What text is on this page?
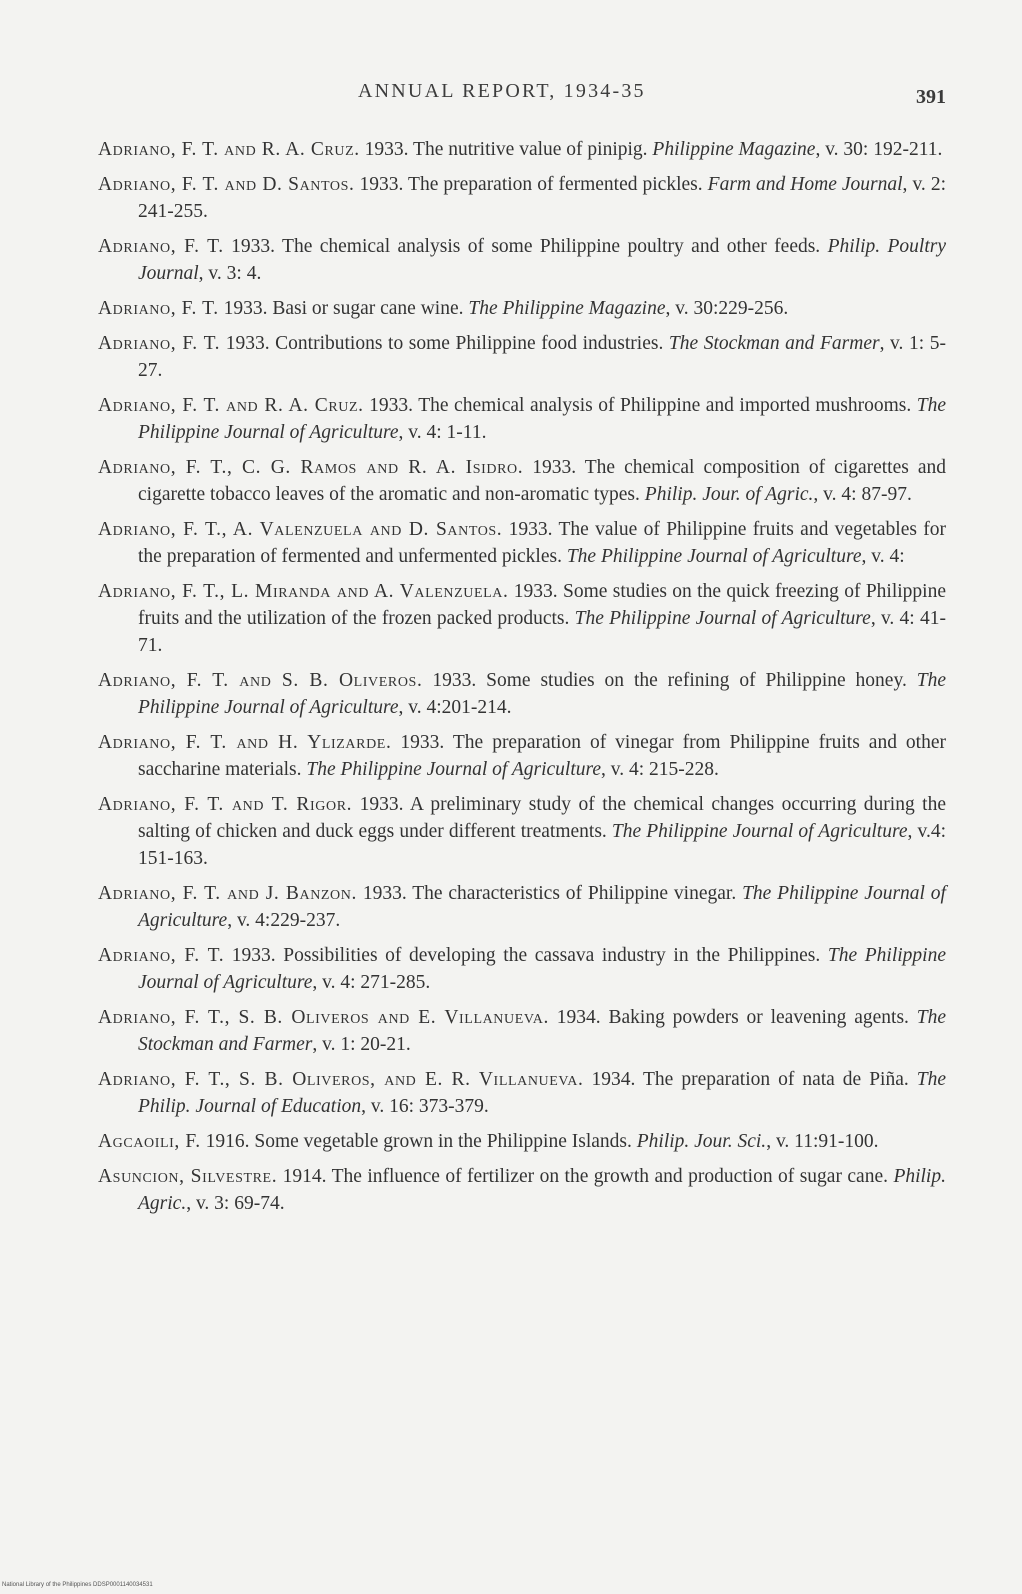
ANNUAL REPORT, 1934-35	391

Adriano, F. T. and R. A. Cruz. 1933. The nutritive value of pinipig. Philippine Magazine, v. 30: 192-211.

Adriano, F. T. and D. Santos. 1933. The preparation of fermented pickles. Farm and Home Journal, v. 2: 241-255.

Adriano, F. T. 1933. The chemical analysis of some Philippine poultry and other feeds. Philip. Poultry Journal, v. 3: 4.

Adriano, F. T. 1933. Basi or sugar cane wine. The Philippine Magazine, v. 30:229-256.

Adriano, F. T. 1933. Contributions to some Philippine food industries. The Stockman and Farmer, v. 1: 5-27.

Adriano, F. T. and R. A. Cruz. 1933. The chemical analysis of Philippine and imported mushrooms. The Philippine Journal of Agriculture, v. 4: 1-11.

Adriano, F. T., C. G. Ramos and R. A. Isidro. 1933. The chemical composition of cigarettes and cigarette tobacco leaves of the aromatic and non-aromatic types. Philip. Jour. of Agric., v. 4: 87-97.

Adriano, F. T., A. Valenzuela and D. Santos. 1933. The value of Philippine fruits and vegetables for the preparation of fermented and unfermented pickles. The Philippine Journal of Agriculture, v. 4:

Adriano, F. T., L. Miranda and A. Valenzuela. 1933. Some studies on the quick freezing of Philippine fruits and the utilization of the frozen packed products. The Philippine Journal of Agriculture, v. 4: 41-71.

Adriano, F. T. and S. B. Oliveros. 1933. Some studies on the refining of Philippine honey. The Philippine Journal of Agriculture, v. 4:201-214.

Adriano, F. T. and H. Ylizarde. 1933. The preparation of vinegar from Philippine fruits and other saccharine materials. The Philippine Journal of Agriculture, v. 4: 215-228.

Adriano, F. T. and T. Rigor. 1933. A preliminary study of the chemical changes occurring during the salting of chicken and duck eggs under different treatments. The Philippine Journal of Agriculture, v.4: 151-163.

Adriano, F. T. and J. Banzon. 1933. The characteristics of Philippine vinegar. The Philippine Journal of Agriculture, v. 4:229-237.

Adriano, F. T. 1933. Possibilities of developing the cassava industry in the Philippines. The Philippine Journal of Agriculture, v. 4: 271-285.

Adriano, F. T., S. B. Oliveros and E. Villanueva. 1934. Baking powders or leavening agents. The Stockman and Farmer, v. 1: 20-21.

Adriano, F. T., S. B. Oliveros, and E. R. Villanueva. 1934. The preparation of nata de Piña. The Philip. Journal of Education, v. 16: 373-379.

Agcaoili, F. 1916. Some vegetable grown in the Philippine Islands. Philip. Jour. Sci., v. 11:91-100.

Asuncion, Silvestre. 1914. The influence of fertilizer on the growth and production of sugar cane. Philip. Agric., v. 3: 69-74.

National Library of the Philippines DDSP0001140034531
